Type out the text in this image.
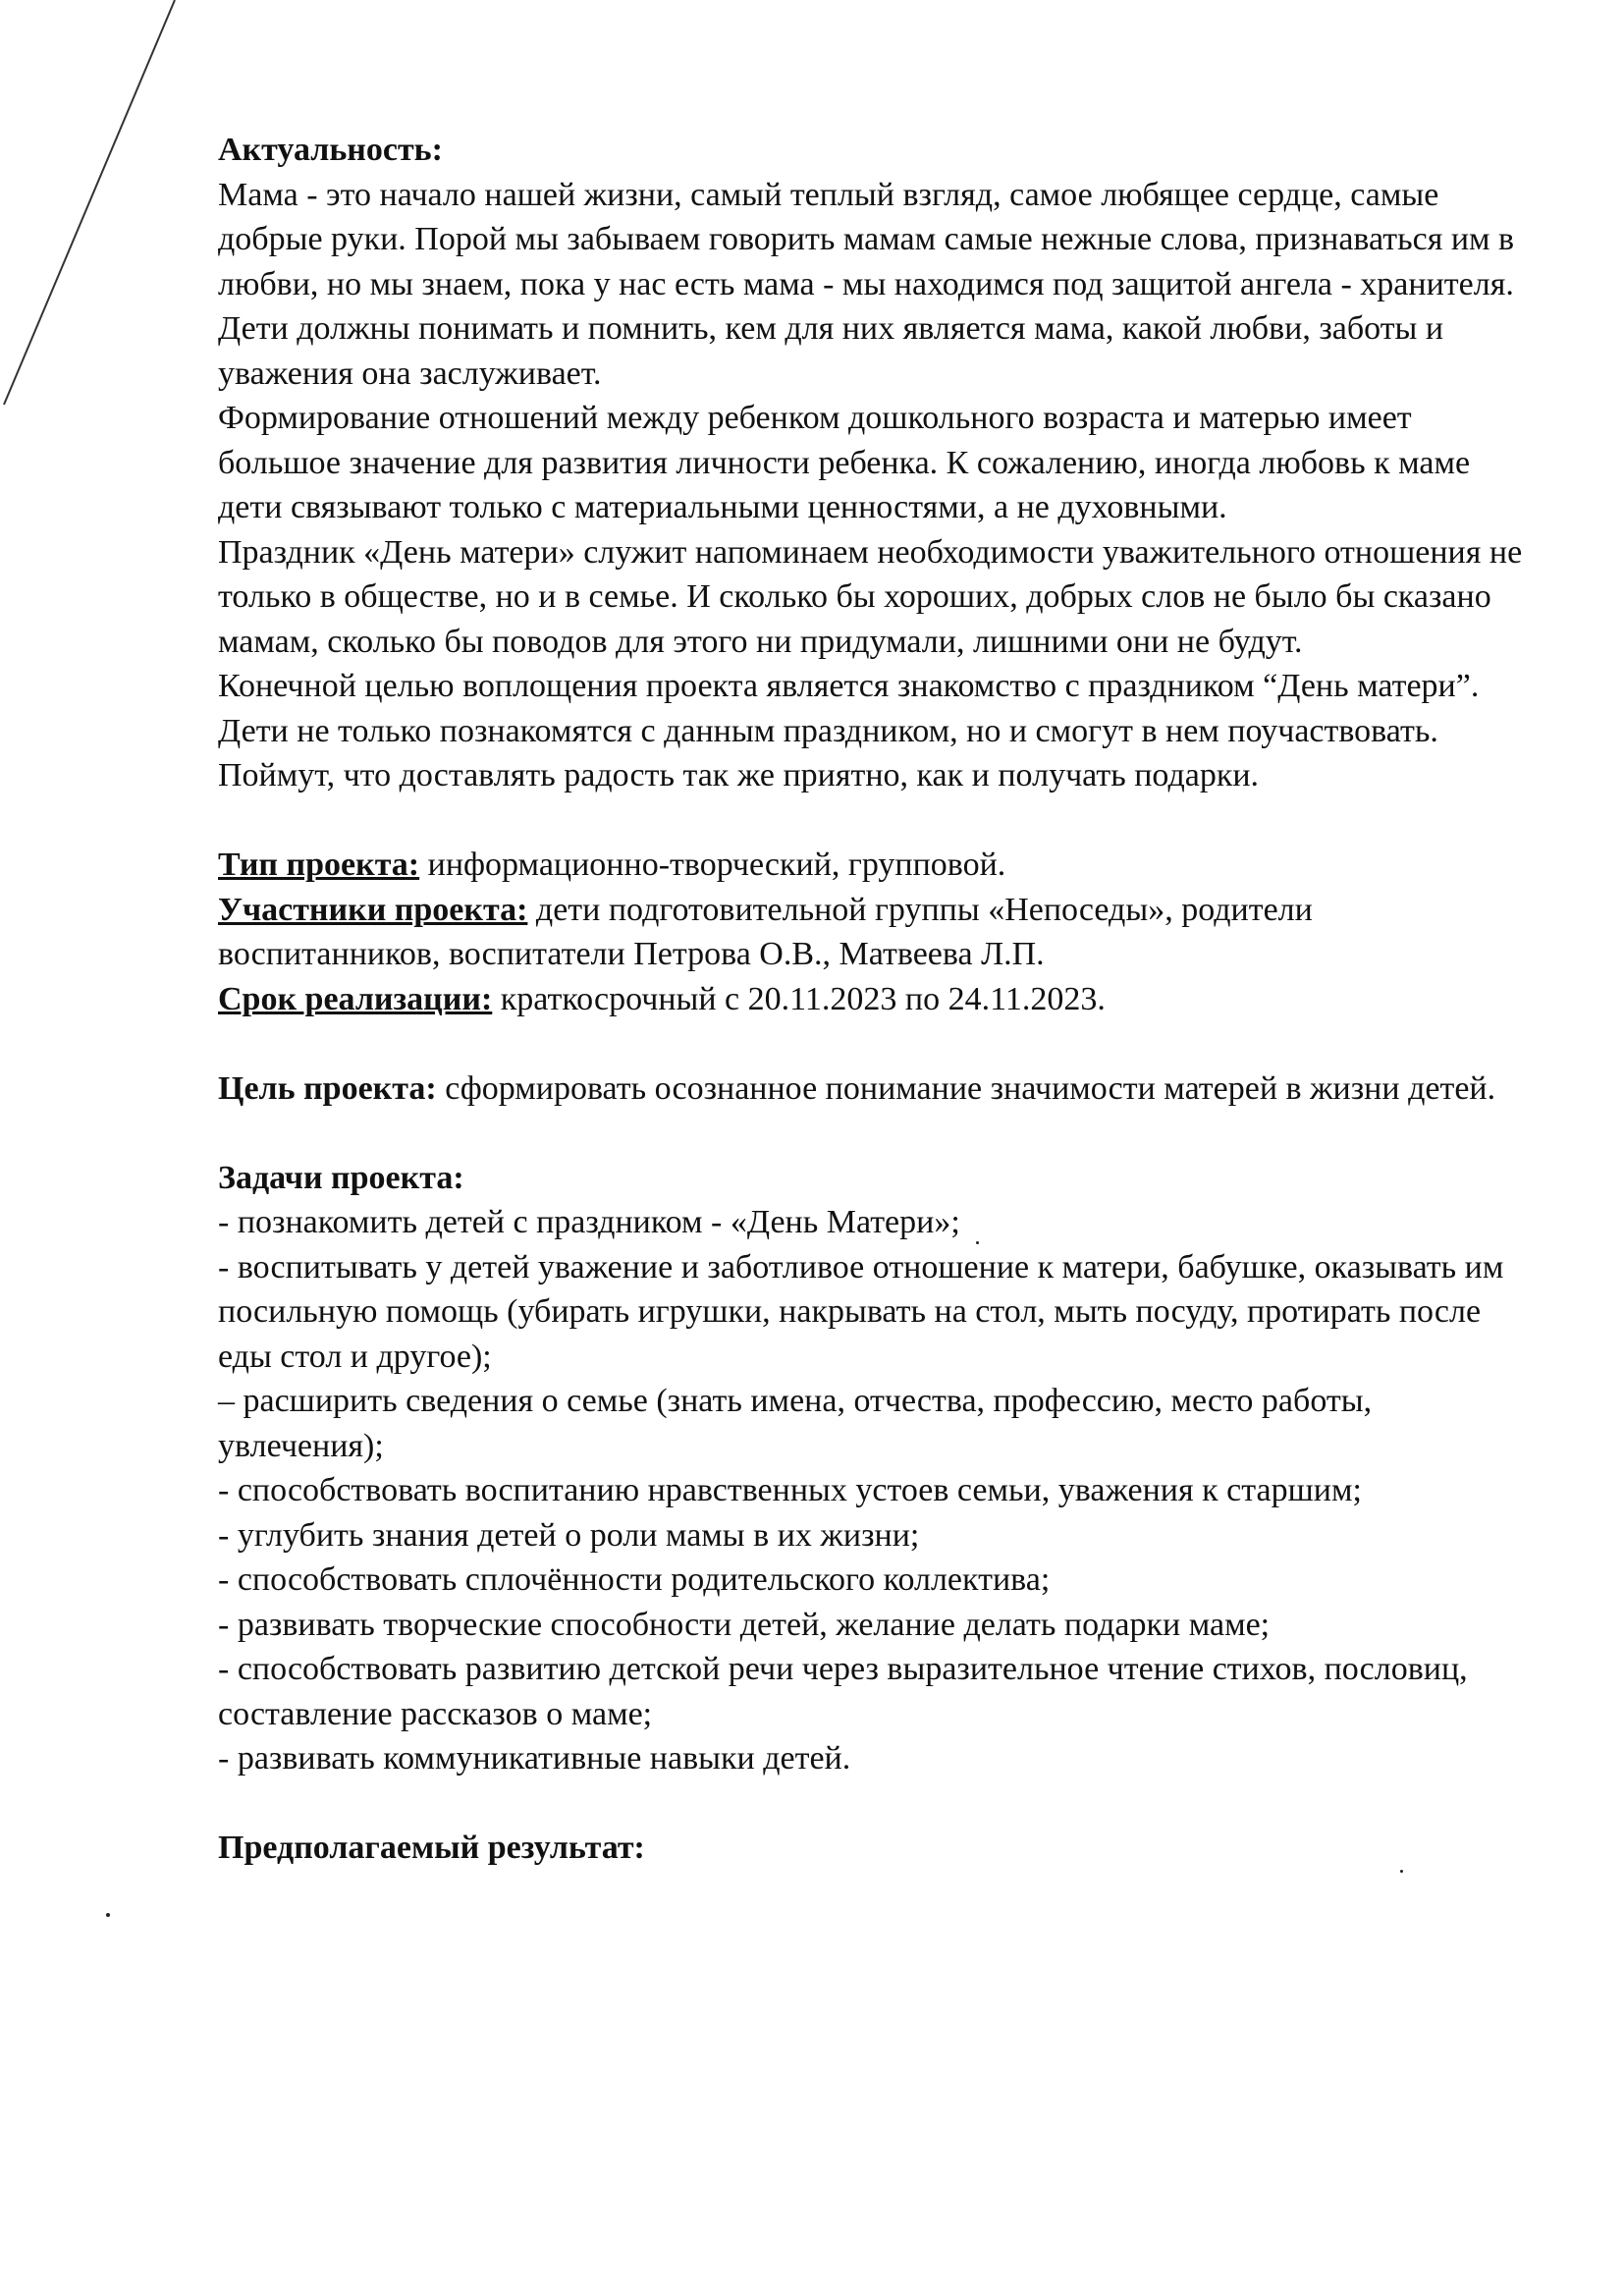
Актуальность:

Мама - это начало нашей жизни, самый теплый взгляд, самое любящее сердце, самые добрые руки. Порой мы забываем говорить мамам самые нежные слова, признаваться им в любви, но мы знаем, пока у нас есть мама - мы находимся под защитой ангела - хранителя. Дети должны понимать и помнить, кем для них является мама, какой любви, заботы и уважения она заслуживает.

Формирование отношений между ребенком дошкольного возраста и матерью имеет большое значение для развития личности ребенка. К сожалению, иногда любовь к маме дети связывают только с материальными ценностями, а не духовными.

Праздник «День матери» служит напоминаем необходимости уважительного отношения не только в обществе, но и в семье. И сколько бы хороших, добрых слов не было бы сказано мамам, сколько бы поводов для этого ни придумали, лишними они не будут.

Конечной целью воплощения проекта является знакомство с праздником “День матери”. Дети не только познакомятся с данным праздником, но и смогут в нем поучаствовать. Поймут, что доставлять радость так же приятно, как и получать подарки.

Тип проекта: информационно-творческий, групповой.

Участники проекта: дети подготовительной группы «Непоседы», родители воспитанников, воспитатели Петрова О.В., Матвеева Л.П.

Срок реализации: краткосрочный с 20.11.2023 по 24.11.2023.

Цель проекта: сформировать осознанное понимание значимости матерей в жизни детей.

Задачи проекта:

- познакомить детей с праздником - «День Матери»;

- воспитывать у детей уважение и заботливое отношение к матери, бабушке, оказывать им посильную помощь (убирать игрушки, накрывать на стол, мыть посуду, протирать после еды стол и другое);

– расширить сведения о семье (знать имена, отчества, профессию, место работы, увлечения);

- способствовать воспитанию нравственных устоев семьи, уважения к старшим;

- углубить знания детей о роли мамы в их жизни;

- способствовать сплочённости родительского коллектива;

- развивать творческие способности детей, желание делать подарки маме;

- способствовать развитию детской речи через выразительное чтение стихов, пословиц, составление рассказов о маме;

- развивать коммуникативные навыки детей.

Предполагаемый результат:
